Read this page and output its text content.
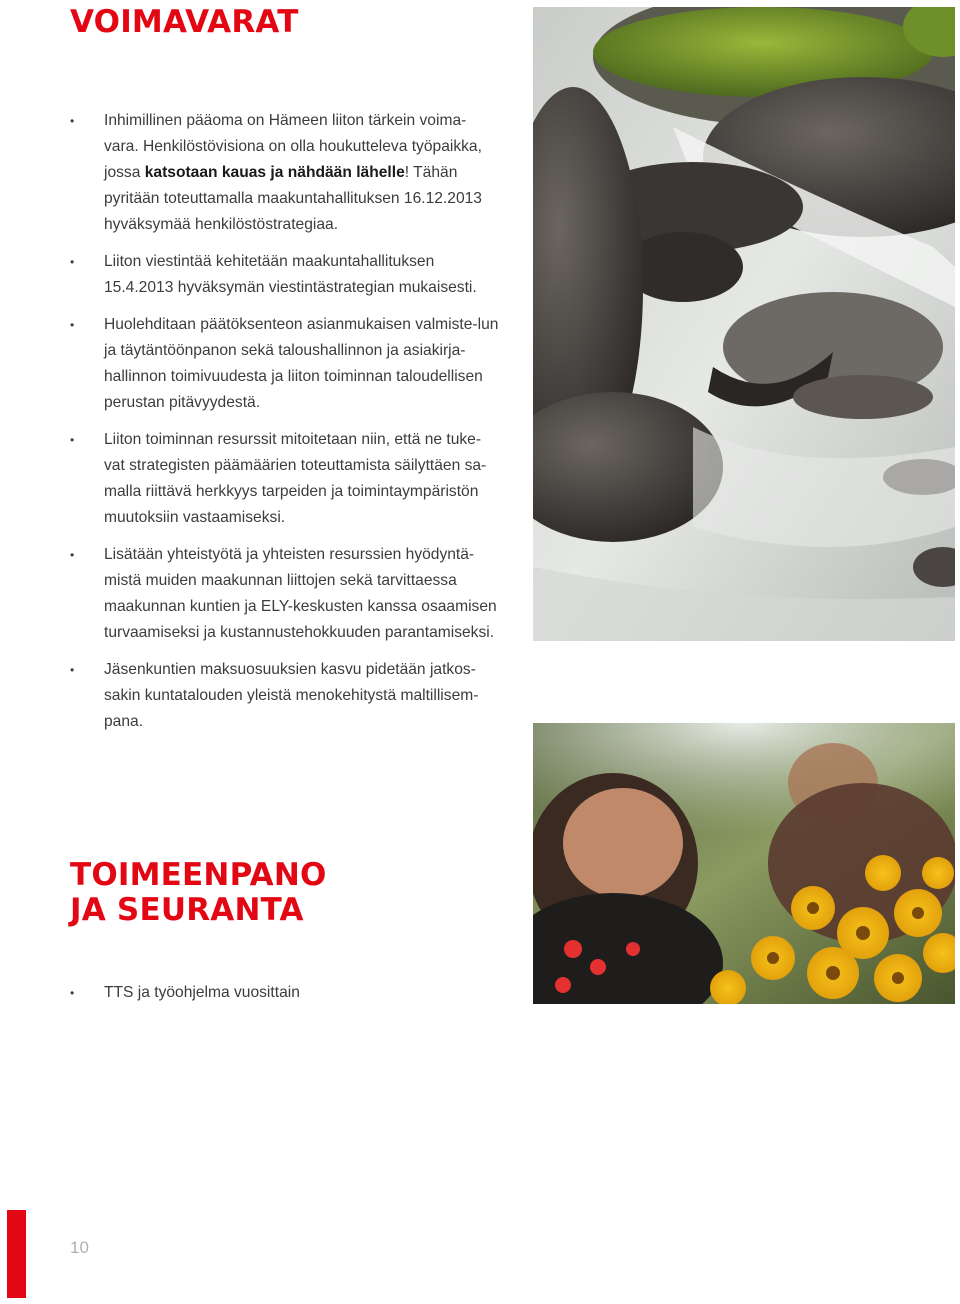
VOIMAVARAT
• Inhimillinen pääoma on Hämeen liiton tärkein voima-vara. Henkilöstövisiona on olla houkutteleva työpaikka, jossa katsotaan kauas ja nähdään lähelle! Tähän pyritään toteuttamalla maakuntahallituksen 16.12.2013 hyväksymää henkilöstöstrategiaa.
• Liiton viestintää kehitetään maakuntahallituksen 15.4.2013 hyväksymän viestintästrategian mukaisesti.
• Huolehditaan päätöksenteon asianmukaisen valmiste-lun ja täytäntöönpanon sekä taloushallinnon ja asiakirja-hallinnon toimivuudesta ja liiton toiminnan taloudellisen perustan pitävyydestä.
• Liiton toiminnan resurssit mitoitetaan niin, että ne tuke-vat strategisten päämäärien toteuttamista säilyttäen sa-malla riittävä herkkyys tarpeiden ja toimintaympäristön muutoksiin vastaamiseksi.
• Lisätään yhteistyötä ja yhteisten resurssien hyödyntä-mistä muiden maakunnan liittojen sekä tarvittaessa maakunnan kuntien ja ELY-keskusten kanssa osaamisen turvaamiseksi ja kustannustehokkuuden parantamiseksi.
• Jäsenkuntien maksuosuuksien kasvu pidetään jatkos-sakin kuntatalouden yleistä menokehitystä maltillisem-pana.
TOIMEENPANO
JA SEURANTA
• TTS ja työohjelma vuosittain
10
